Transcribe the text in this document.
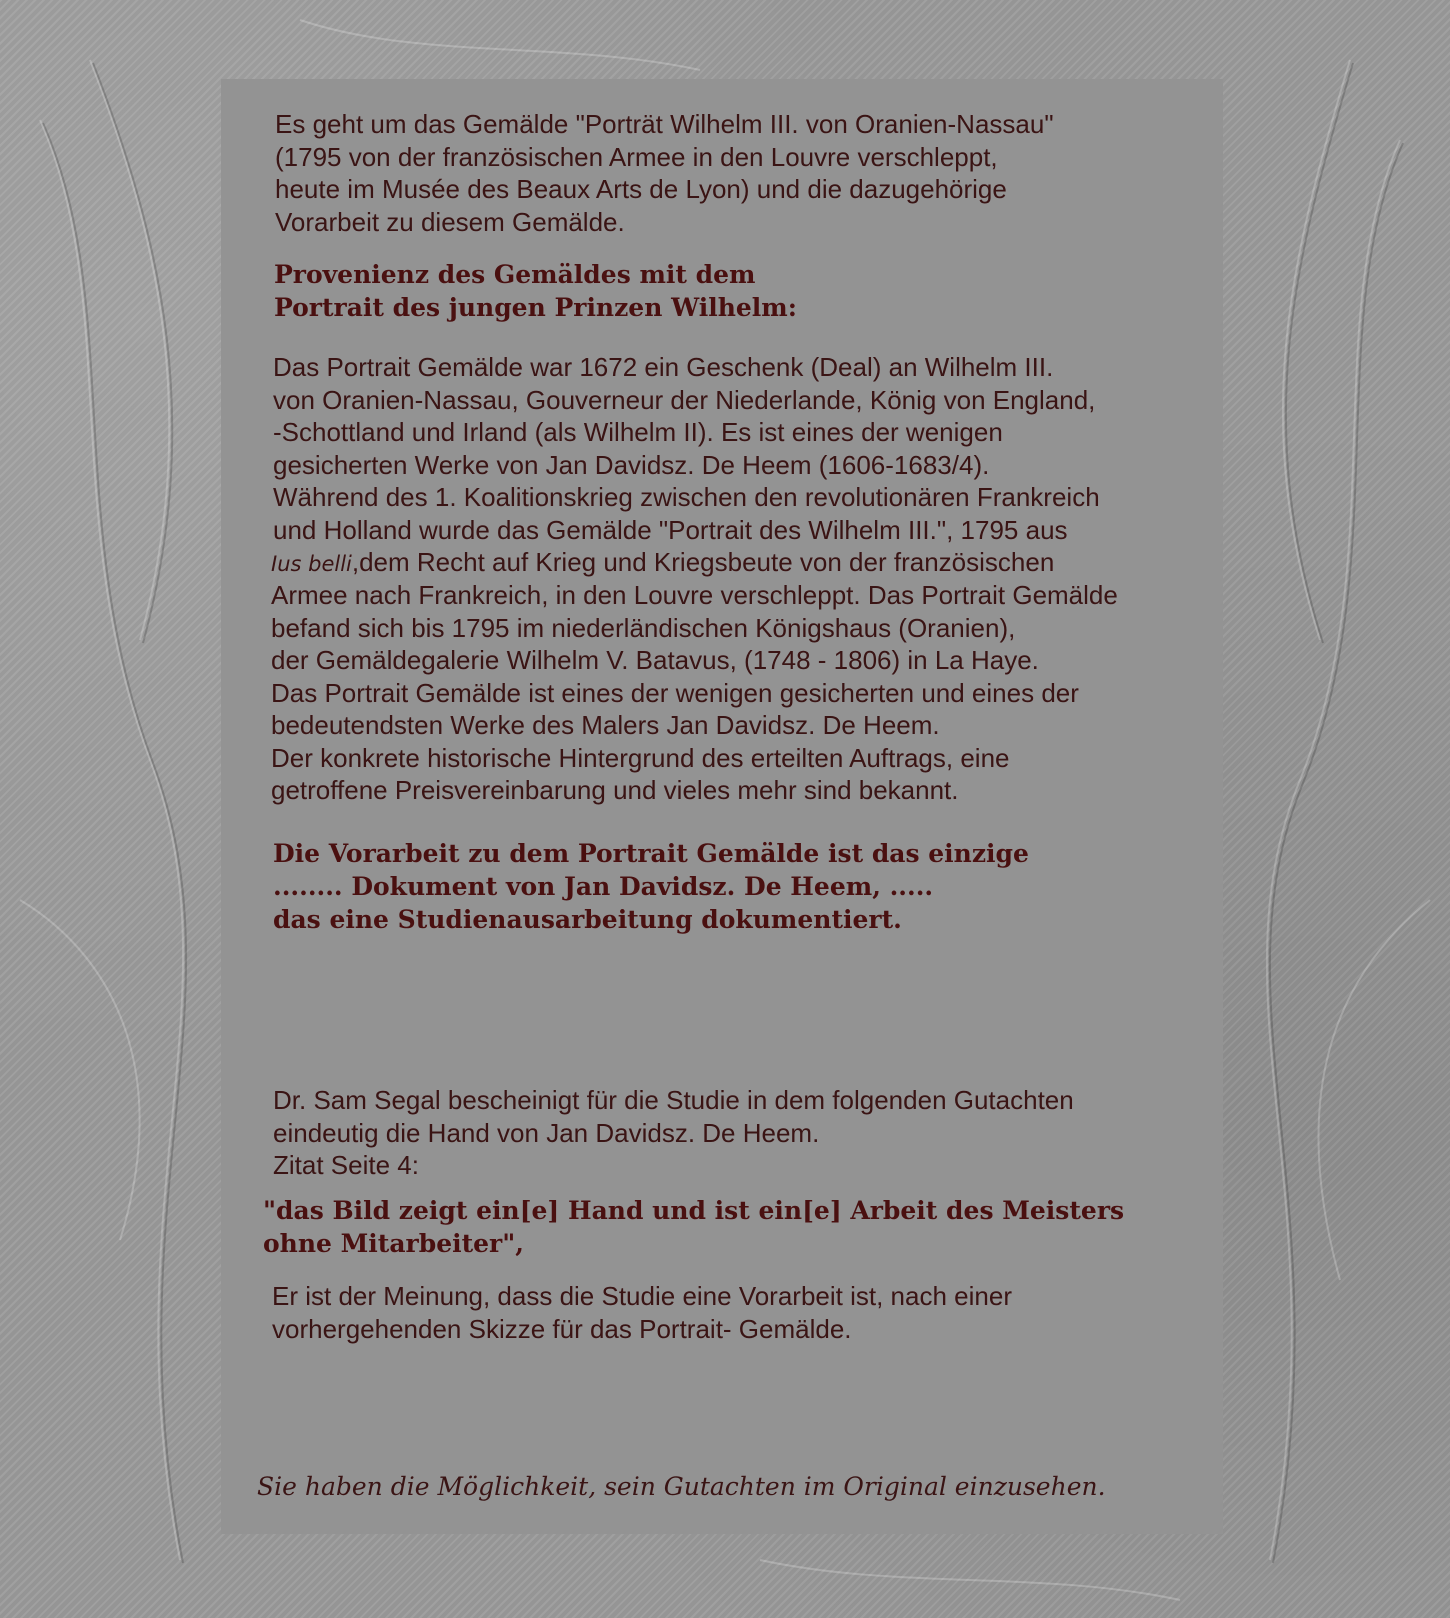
Es geht um das Gemälde "Porträt Wilhelm III. von Oranien-Nassau"
(1795 von der französischen Armee in den Louvre verschleppt,
heute im Musée des Beaux Arts de Lyon) und die dazugehörige
Vorarbeit zu diesem Gemälde.

Provenienz des Gemäldes mit dem
Portrait des jungen Prinzen Wilhelm:

Das Portrait Gemälde war 1672 ein Geschenk (Deal) an Wilhelm III.
von Oranien-Nassau, Gouverneur der Niederlande, König von England,
-Schottland und Irland (als Wilhelm II). Es ist eines der wenigen
gesicherten Werke von Jan Davidsz. De Heem (1606-1683/4).
Während des 1. Koalitionskrieg zwischen den revolutionären Frankreich
und Holland wurde das Gemälde "Portrait des Wilhelm III.", 1795 aus

Ius belli,dem Recht auf Krieg und Kriegsbeute von der französischen

Armee nach Frankreich, in den Louvre verschleppt. Das Portrait Gemälde
befand sich bis 1795 im niederländischen Königshaus (Oranien),
der Gemäldegalerie Wilhelm V. Batavus, (1748 - 1806) in La Haye.
Das Portrait Gemälde ist eines der wenigen gesicherten und eines der
bedeutendsten Werke des Malers Jan Davidsz. De Heem.
Der konkrete historische Hintergrund des erteilten Auftrags, eine
getroffene Preisvereinbarung und vieles mehr sind bekannt.

Die Vorarbeit zu dem Portrait Gemälde ist das einzige
........ Dokument von Jan Davidsz. De Heem, .....
das eine Studienausarbeitung dokumentiert.

Dr. Sam Segal bescheinigt für die Studie in dem folgenden Gutachten
eindeutig die Hand von Jan Davidsz. De Heem.
Zitat Seite 4:

"das Bild zeigt ein[e] Hand und ist ein[e] Arbeit des Meisters
ohne Mitarbeiter",

Er ist der Meinung, dass die Studie eine Vorarbeit ist, nach einer
vorhergehenden Skizze für das Portrait- Gemälde.

Sie haben die Möglichkeit, sein Gutachten im Original einzusehen.
